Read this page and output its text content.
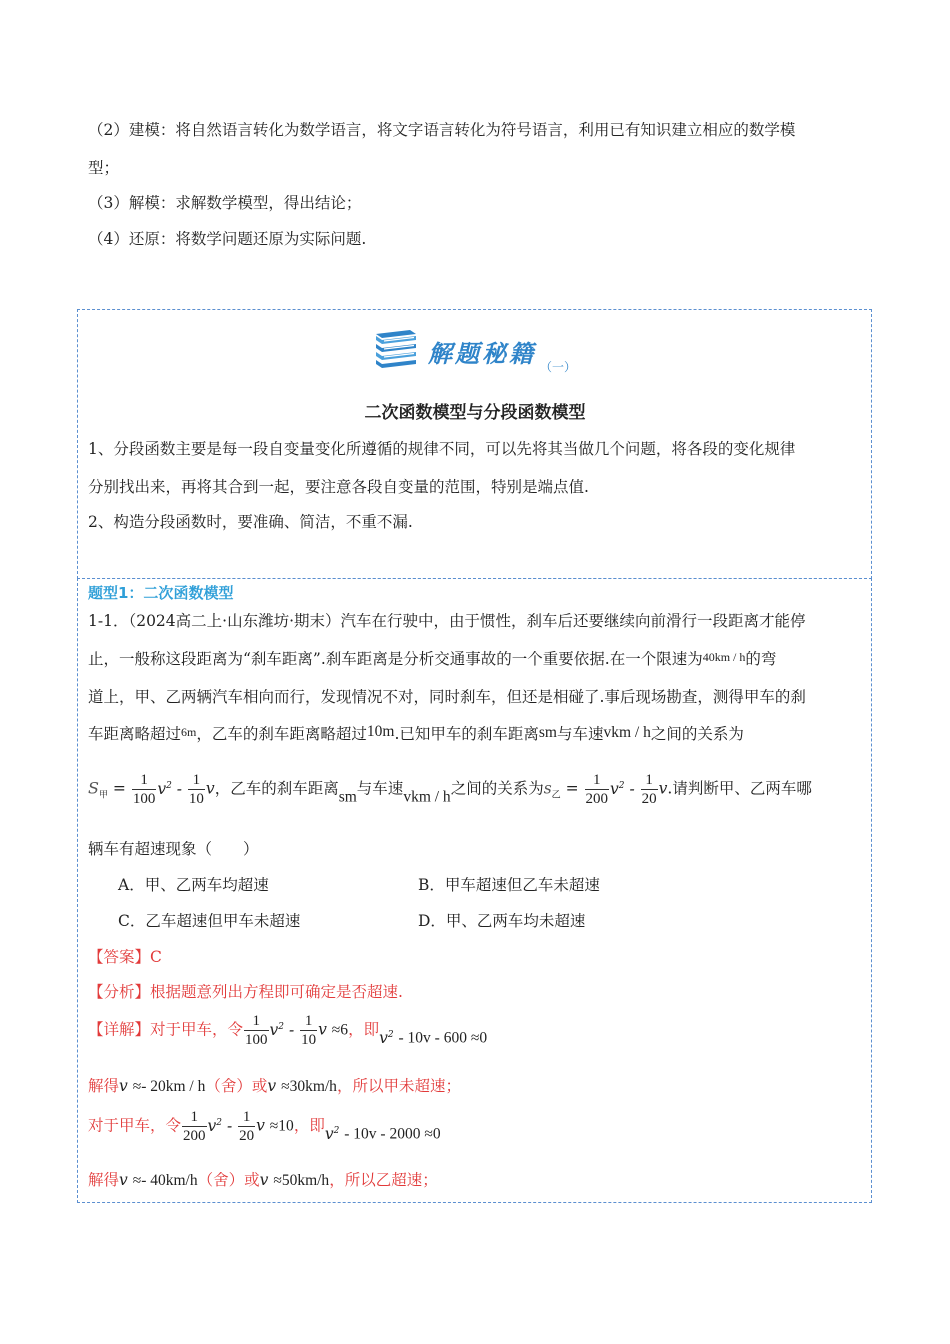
（2）建模：将自然语言转化为数学语言，将文字语言转化为符号语言，利用已有知识建立相应的数学模
型；
（3）解模：求解数学模型，得出结论；
（4）还原：将数学问题还原为实际问题.
解题秘籍 （一）
二次函数模型与分段函数模型
1、分段函数主要是每一段自变量变化所遵循的规律不同，可以先将其当做几个问题，将各段的变化规律
分别找出来，再将其合到一起，要注意各段自变量的范围，特别是端点值.
2、构造分段函数时，要准确、简洁，不重不漏.
题型1：二次函数模型
1-1．（2024高二上·山东潍坊·期末）汽车在行驶中，由于惯性，刹车后还要继续向前滑行一段距离才能停
止，一般称这段距离为“刹车距离”.刹车距离是分析交通事故的一个重要依据.在一个限速为40km / h的弯
道上，甲、乙两辆汽车相向而行，发现情况不对，同时刹车，但还是相碰了.事后现场勘查，测得甲车的刹
车距离略超过6m，乙车的刹车距离略超过10m.已知甲车的刹车距离sm与车速vkm / h之间的关系为
$S_甲 = \frac{1}{100} v^2 - \frac{1}{10}$ v，乙车的刹车距离sm与车速vkm / h之间的关系为$s_乙 = \frac{1}{200} v^2 - \frac{1}{20} v$.请判断甲、乙两车哪
辆车有超速现象（　　）
A．甲、乙两车均超速	B．甲车超速但乙车未超速
C．乙车超速但甲车未超速	D．甲、乙两车均未超速
【答案】C
【分析】根据题意列出方程即可确定是否超速.
【详解】对于甲车，令 $\frac{1}{100} v^2 - \frac{1}{10}$ v ≈6，即$v^2 - 10v - 600 \approx 0$
解得v ≈- 20km / h（舍）或v ≈30km/h，所以甲未超速；
对于甲车，令 $\frac{1}{200} v^2 - \frac{1}{20}$ v ≈10，即$v^2 - 10v - 2000 \approx 0$
解得v ≈- 40km/h（舍）或v ≈50km/h，所以乙超速；
